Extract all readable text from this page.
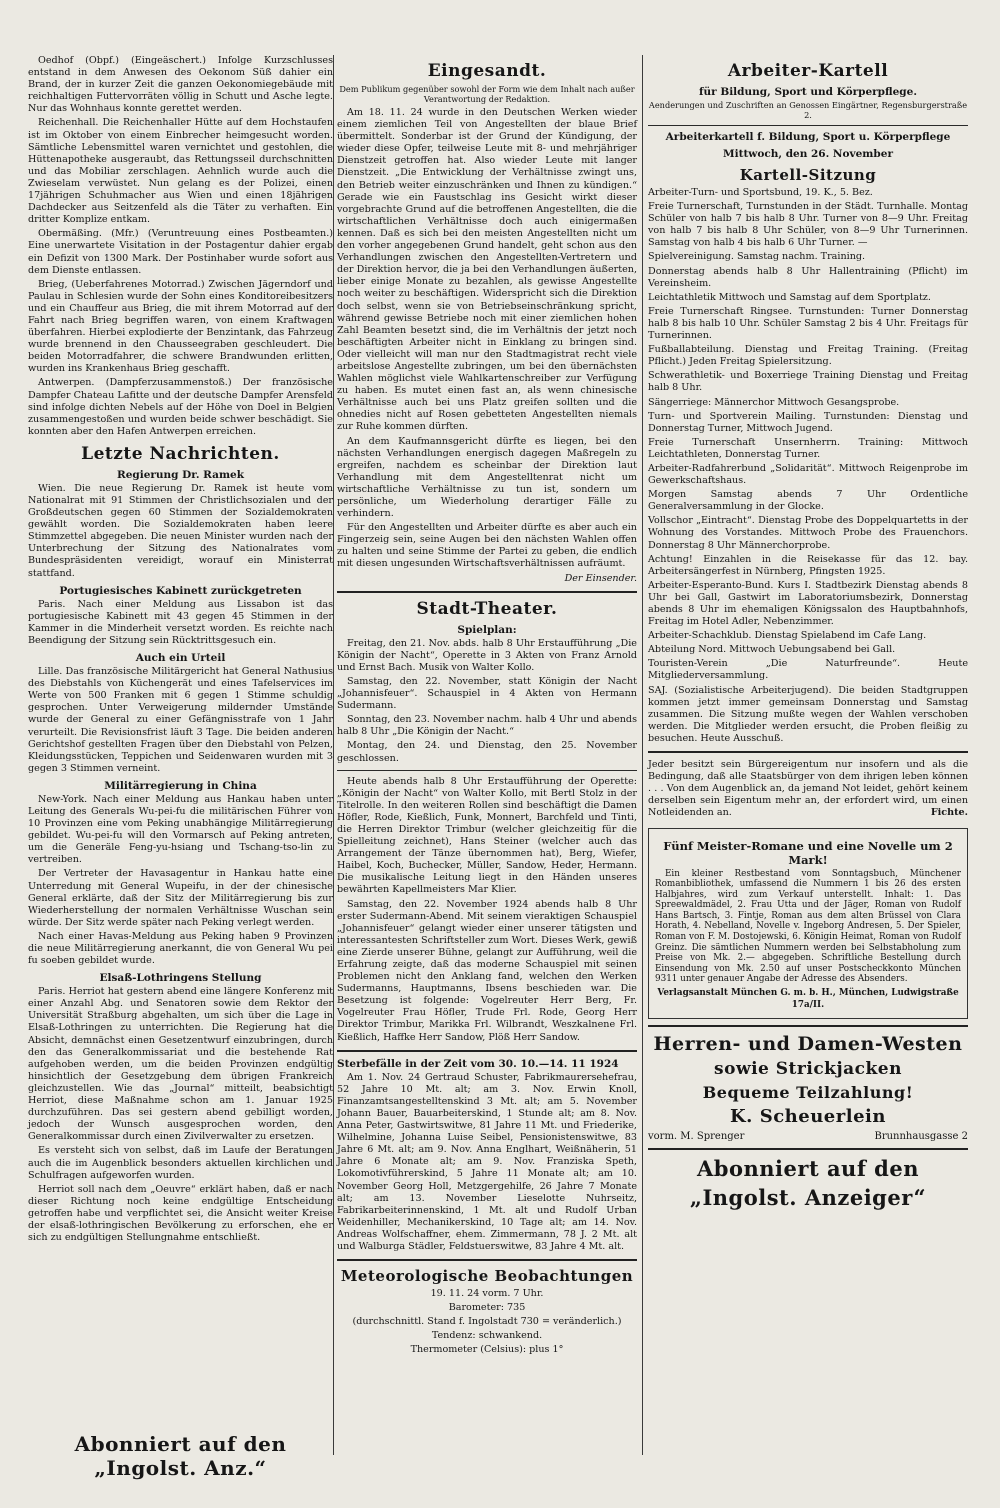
Oedhof (Obpf.) (Eingeäschert.) Infolge Kurzschlusses entstand in dem Anwesen des Oekonom Süß dahier ein Brand, der in kurzer Zeit die ganzen Oekonomiegebäude mit reichhaltigen Futtervorräten völlig in Schutt und Asche legte. Nur das Wohnhaus konnte gerettet werden.

Reichenhall. Die Reichenhaller Hütte auf dem Hochstaufen ist im Oktober von einem Einbrecher heimgesucht worden. Sämtliche Lebensmittel waren vernichtet und gestohlen, die Hüttenapotheke ausgeraubt, das Rettungsseil durchschnitten und das Mobiliar zerschlagen. Aehnlich wurde auch die Zwieselam verwüstet. Nun gelang es der Polizei, einen 17jährigen Schuhmacher aus Wien und einen 18jährigen Dachdecker aus Seitzenfeld als die Täter zu verhaften. Ein dritter Komplize entkam.

Obermäßing. (Mfr.) (Veruntreuung eines Postbeamten.) Eine unerwartete Visitation in der Postagentur dahier ergab ein Defizit von 1300 Mark. Der Postinhaber wurde sofort aus dem Dienste entlassen.

Brieg, (Ueberfahrenes Motorrad.) Zwischen Jägerndorf und Paulau in Schlesien wurde der Sohn eines Konditoreibesitzers und ein Chauffeur aus Brieg, die mit ihrem Motorrad auf der Fahrt nach Brieg begriffen waren, von einem Kraftwagen überfahren. Hierbei explodierte der Benzintank, das Fahrzeug wurde brennend in den Chausseegraben geschleudert. Die beiden Motorradfahrer, die schwere Brandwunden erlitten, wurden ins Krankenhaus Brieg geschafft.

Antwerpen. (Dampferzusammenstoß.) Der französische Dampfer Chateau Lafitte und der deutsche Dampfer Arensfeld sind infolge dichten Nebels auf der Höhe von Doel in Belgien zusammengestoßen und wurden beide schwer beschädigt. Sie konnten aber den Hafen Antwerpen erreichen.

Letzte Nachrichten.
Regierung Dr. Ramek

Wien. Die neue Regierung Dr. Ramek ist heute vom Nationalrat mit 91 Stimmen der Christlichsozialen und der Großdeutschen gegen 60 Stimmen der Sozialdemokraten gewählt worden. Die Sozialdemokraten haben leere Stimmzettel abgegeben. Die neuen Minister wurden nach der Unterbrechung der Sitzung des Nationalrates vom Bundespräsidenten vereidigt, worauf ein Ministerrat stattfand.

Portugiesisches Kabinett zurückgetreten

Paris. Nach einer Meldung aus Lissabon ist das portugiesische Kabinett mit 43 gegen 45 Stimmen in der Kammer in die Minderheit versetzt worden. Es reichte nach Beendigung der Sitzung sein Rücktrittsgesuch ein.

Auch ein Urteil

Lille. Das französische Militärgericht hat General Nathusius des Diebstahls von Küchengerät und eines Tafelservices im Werte von 500 Franken mit 6 gegen 1 Stimme schuldig gesprochen. Unter Verweigerung mildernder Umstände wurde der General zu einer Gefängnisstrafe von 1 Jahr verurteilt. Die Revisionsfrist läuft 3 Tage. Die beiden anderen Gerichtshof gestellten Fragen über den Diebstahl von Pelzen, Kleidungsstücken, Teppichen und Seidenwaren wurden mit 3 gegen 3 Stimmen verneint.

Militärregierung in China

New-York. Nach einer Meldung aus Hankau haben unter Leitung des Generals Wu-pei-fu die militärischen Führer von 10 Provinzen eine vom Peking unabhängige Militärregierung gebildet. Wu-pei-fu will den Vormarsch auf Peking antreten, um die Generäle Feng-yu-hsiang und Tschang-tso-lin zu vertreiben.

Der Vertreter der Havasagentur in Hankau hatte eine Unterredung mit General Wupeifu, in der der chinesische General erklärte, daß der Sitz der Militärregierung bis zur Wiederherstellung der normalen Verhältnisse Wuschan sein würde. Der Sitz werde später nach Peking verlegt werden.

Nach einer Havas-Meldung aus Peking haben 9 Provinzen die neue Militärregierung anerkannt, die von General Wu pei fu soeben gebildet wurde.

Elsaß-Lothringens Stellung

Paris. Herriot hat gestern abend eine längere Konferenz mit einer Anzahl Abg. und Senatoren sowie dem Rektor der Universität Straßburg abgehalten, um sich über die Lage in Elsaß-Lothringen zu unterrichten. Die Regierung hat die Absicht, demnächst einen Gesetzentwurf einzubringen, durch den das Generalkommissariat und die bestehende Rat aufgehoben werden, um die beiden Provinzen endgültig hinsichtlich der Gesetzgebung dem übrigen Frankreich gleichzustellen. Wie das „Journal“ mitteilt, beabsichtigt Herriot, diese Maßnahme schon am 1. Januar 1925 durchzuführen. Das sei gestern abend gebilligt worden, jedoch der Wunsch ausgesprochen worden, den Generalkommissar durch einen Zivilverwalter zu ersetzen.

Es versteht sich von selbst, daß im Laufe der Beratungen auch die im Augenblick besonders aktuellen kirchlichen und Schulfragen aufgeworfen wurden.

Herriot soll nach dem „Oeuvre“ erklärt haben, daß er nach dieser Richtung noch keine endgültige Entscheidung getroffen habe und verpflichtet sei, die Ansicht weiter Kreise der elsaß-lothringischen Bevölkerung zu erforschen, ehe er sich zu endgültigen Stellungnahme entschließt.

Abonniert auf den „Ingolst. Anz.“
Eingesandt.
Dem Publikum gegenüber sowohl der Form wie dem Inhalt nach außer Verantwortung der Redaktion.

Am 18. 11. 24 wurde in den Deutschen Werken wieder einem ziemlichen Teil von Angestellten der blaue Brief übermittelt. Sonderbar ist der Grund der Kündigung, der wieder diese Opfer, teilweise Leute mit 8- und mehrjähriger Dienstzeit getroffen hat. Also wieder Leute mit langer Dienstzeit. „Die Entwicklung der Verhältnisse zwingt uns, den Betrieb weiter einzuschränken und Ihnen zu kündigen.“ Gerade wie ein Faustschlag ins Gesicht wirkt dieser vorgebrachte Grund auf die betroffenen Angestellten, die die wirtschaftlichen Verhältnisse doch auch einigermaßen kennen. Daß es sich bei den meisten Angestellten nicht um den vorher angegebenen Grund handelt, geht schon aus den Verhandlungen zwischen den Angestellten-Vertretern und der Direktion hervor, die ja bei den Verhandlungen äußerten, lieber einige Monate zu bezahlen, als gewisse Angestellte noch weiter zu beschäftigen. Widerspricht sich die Direktion doch selbst, wenn sie von Betriebseinschränkung spricht, während gewisse Betriebe noch mit einer ziemlichen hohen Zahl Beamten besetzt sind, die im Verhältnis der jetzt noch beschäftigten Arbeiter nicht in Einklang zu bringen sind. Oder vielleicht will man nur den Stadtmagistrat recht viele arbeitslose Angestellte zubringen, um bei den übernächsten Wahlen möglichst viele Wahlkartenschreiber zur Verfügung zu haben. Es mutet einen fast an, als wenn chinesische Verhältnisse auch bei uns Platz greifen sollten und die ohnedies nicht auf Rosen gebetteten Angestellten niemals zur Ruhe kommen dürften.

An dem Kaufmannsgericht dürfte es liegen, bei den nächsten Verhandlungen energisch dagegen Maßregeln zu ergreifen, nachdem es scheinbar der Direktion laut Verhandlung mit dem Angestelltenrat nicht um wirtschaftliche Verhältnisse zu tun ist, sondern um persönliche, um Wiederholung derartiger Fälle zu verhindern.

Für den Angestellten und Arbeiter dürfte es aber auch ein Fingerzeig sein, seine Augen bei den nächsten Wahlen offen zu halten und seine Stimme der Partei zu geben, die endlich mit diesen ungesunden Wirtschaftsverhältnissen aufräumt.

Der Einsender.

Stadt-Theater.
Spielplan:

Freitag, den 21. Nov. abds. halb 8 Uhr Erstaufführung „Die Königin der Nacht“, Operette in 3 Akten von Franz Arnold und Ernst Bach. Musik von Walter Kollo.

Samstag, den 22. November, statt Königin der Nacht „Johannisfeuer“. Schauspiel in 4 Akten von Hermann Sudermann.

Sonntag, den 23. November nachm. halb 4 Uhr und abends halb 8 Uhr „Die Königin der Nacht.“

Montag, den 24. und Dienstag, den 25. November geschlossen.

Heute abends halb 8 Uhr Erstaufführung der Operette: „Königin der Nacht“ von Walter Kollo, mit Bertl Stolz in der Titelrolle. In den weiteren Rollen sind beschäftigt die Damen Höfler, Rode, Kießlich, Funk, Monnert, Barchfeld und Tinti, die Herren Direktor Trimbur (welcher gleichzeitig für die Spielleitung zeichnet), Hans Steiner (welcher auch das Arrangement der Tänze übernommen hat), Berg, Wiefer, Haibel, Koch, Buchecker, Müller, Sandow, Heder, Hermann. Die musikalische Leitung liegt in den Händen unseres bewährten Kapellmeisters Mar Klier.

Samstag, den 22. November 1924 abends halb 8 Uhr erster Sudermann-Abend. Mit seinem vieraktigen Schauspiel „Johannisfeuer“ gelangt wieder einer unserer tätigsten und interessantesten Schriftsteller zum Wort. Dieses Werk, gewiß eine Zierde unserer Bühne, gelangt zur Aufführung, weil die Erfahrung zeigte, daß das moderne Schauspiel mit seinen Problemen nicht den Anklang fand, welchen den Werken Sudermanns, Hauptmanns, Ibsens beschieden war. Die Besetzung ist folgende: Vogelreuter Herr Berg, Fr. Vogelreuter Frau Höfler, Trude Frl. Rode, Georg Herr Direktor Trimbur, Marikka Frl. Wilbrandt, Weszkalnene Frl. Kießlich, Haffke Herr Sandow, Plöß Herr Sandow.

Sterbefälle in der Zeit vom 30. 10.—14. 11 1924

Am 1. Nov. 24 Gertraud Schuster, Fabrikmaurersehefrau, 52 Jahre 10 Mt. alt; am 3. Nov. Erwin Knoll, Finanzamtsangestelltenskind 3 Mt. alt; am 5. November Johann Bauer, Bauarbeiterskind, 1 Stunde alt; am 8. Nov. Anna Peter, Gastwirtswitwe, 81 Jahre 11 Mt. und Friederike, Wilhelmine, Johanna Luise Seibel, Pensionistenswitwe, 83 Jahre 6 Mt. alt; am 9. Nov. Anna Englhart, Weißnäherin, 51 Jahre 6 Monate alt; am 9. Nov. Franziska Speth, Lokomotivführerskind, 5 Jahre 11 Monate alt; am 10. November Georg Holl, Metzgergehilfe, 26 Jahre 7 Monate alt; am 13. November Lieselotte Nuhrseitz, Fabrikarbeiterinnenskind, 1 Mt. alt und Rudolf Urban Weidenhiller, Mechanikerskind, 10 Tage alt; am 14. Nov. Andreas Wolfschaffner, ehem. Zimmermann, 78 J. 2 Mt. alt und Walburga Städler, Feldstuerswitwe, 83 Jahre 4 Mt. alt.

Meteorologische Beobachtungen

19. 11. 24 vorm. 7 Uhr.

Barometer: 735

(durchschnittl. Stand f. Ingolstadt 730 = veränderlich.)

Tendenz: schwankend.

Thermometer (Celsius): plus 1°

Arbeiter-Kartell
für Bildung, Sport und Körperpflege.
Aenderungen und Zuschriften an Genossen Eingärtner, Regensburgerstraße 2.
Arbeiterkartell f. Bildung, Sport u. Körperpflege
Mittwoch, den 26. November
Kartell-Sitzung

Arbeiter-Turn- und Sportsbund, 19. K., 5. Bez.

Freie Turnerschaft, Turnstunden in der Städt. Turnhalle. Montag Schüler von halb 7 bis halb 8 Uhr. Turner von 8—9 Uhr. Freitag von halb 7 bis halb 8 Uhr Schüler, von 8—9 Uhr Turnerinnen. Samstag von halb 4 bis halb 6 Uhr Turner. —

Spielvereinigung. Samstag nachm. Training.

Donnerstag abends halb 8 Uhr Hallentraining (Pflicht) im Vereinsheim.

Leichtathletik Mittwoch und Samstag auf dem Sportplatz.

Freie Turnerschaft Ringsee. Turnstunden: Turner Donnerstag halb 8 bis halb 10 Uhr. Schüler Samstag 2 bis 4 Uhr. Freitags für Turnerinnen.

Fußballabteilung. Dienstag und Freitag Training. (Freitag Pflicht.) Jeden Freitag Spielersitzung.

Schwerathletik- und Boxerriege Training Dienstag und Freitag halb 8 Uhr.

Sängerriege: Männerchor Mittwoch Gesangsprobe.

Turn- und Sportverein Mailing. Turnstunden: Dienstag und Donnerstag Turner, Mittwoch Jugend.

Freie Turnerschaft Unsernherrn. Training: Mittwoch Leichtathleten, Donnerstag Turner.

Arbeiter-Radfahrerbund „Solidarität“. Mittwoch Reigenprobe im Gewerkschaftshaus.

Morgen Samstag abends 7 Uhr Ordentliche Generalversammlung in der Glocke.

Vollschor „Eintracht“. Dienstag Probe des Doppelquartetts in der Wohnung des Vorstandes. Mittwoch Probe des Frauenchors. Donnerstag 8 Uhr Männerchorprobe.

Achtung! Einzahlen in die Reisekasse für das 12. bay. Arbeitersängerfest in Nürnberg, Pfingsten 1925.

Arbeiter-Esperanto-Bund. Kurs I. Stadtbezirk Dienstag abends 8 Uhr bei Gall, Gastwirt im Laboratoriumsbezirk, Donnerstag abends 8 Uhr im ehemaligen Königssalon des Hauptbahnhofs, Freitag im Hotel Adler, Nebenzimmer.

Arbeiter-Schachklub. Dienstag Spielabend im Cafe Lang.

Abteilung Nord. Mittwoch Uebungsabend bei Gall.

Touristen-Verein „Die Naturfreunde“. Heute Mitgliederversammlung.

SAJ. (Sozialistische Arbeiterjugend). Die beiden Stadtgruppen kommen jetzt immer gemeinsam Donnerstag und Samstag zusammen. Die Sitzung mußte wegen der Wahlen verschoben werden. Die Mitglieder werden ersucht, die Proben fleißig zu besuchen. Heute Ausschuß.

Jeder besitzt sein Bürgereigentum nur insofern und als die Bedingung, daß alle Staatsbürger von dem ihrigen leben können . . . Von dem Augenblick an, da jemand Not leidet, gehört keinem derselben sein Eigentum mehr an, der erfordert wird, um einen Notleidenden an.	Fichte.

Fünf Meister-Romane und eine Novelle um 2 Mark!

Ein kleiner Restbestand vom Sonntagsbuch, Münchener Romanbibliothek, umfassend die Nummern 1 bis 26 des ersten Halbjahres, wird zum Verkauf unterstellt. Inhalt: 1. Das Spreewaldmädel, 2. Frau Utta und der Jäger, Roman von Rudolf Hans Bartsch, 3. Fintje, Roman aus dem alten Brüssel von Clara Horath, 4. Nebelland, Novelle v. Ingeborg Andresen, 5. Der Spieler, Roman von F. M. Dostojewski, 6. Königin Heimat, Roman von Rudolf Greinz. Die sämtlichen Nummern werden bei Selbstabholung zum Preise von Mk. 2.— abgegeben. Schriftliche Bestellung durch Einsendung von Mk. 2.50 auf unser Postscheckkonto München 9311 unter genauer Angabe der Adresse des Absenders.

Verlagsanstalt München G. m. b. H., München, Ludwigstraße 17a/II.

Herren- und Damen-Westen
sowie Strickjacken
Bequeme Teilzahlung!
K. Scheuerlein
vorm. M. Sprenger	Brunnhausgasse 2
Abonniert auf den
„Ingolst. Anzeiger“
